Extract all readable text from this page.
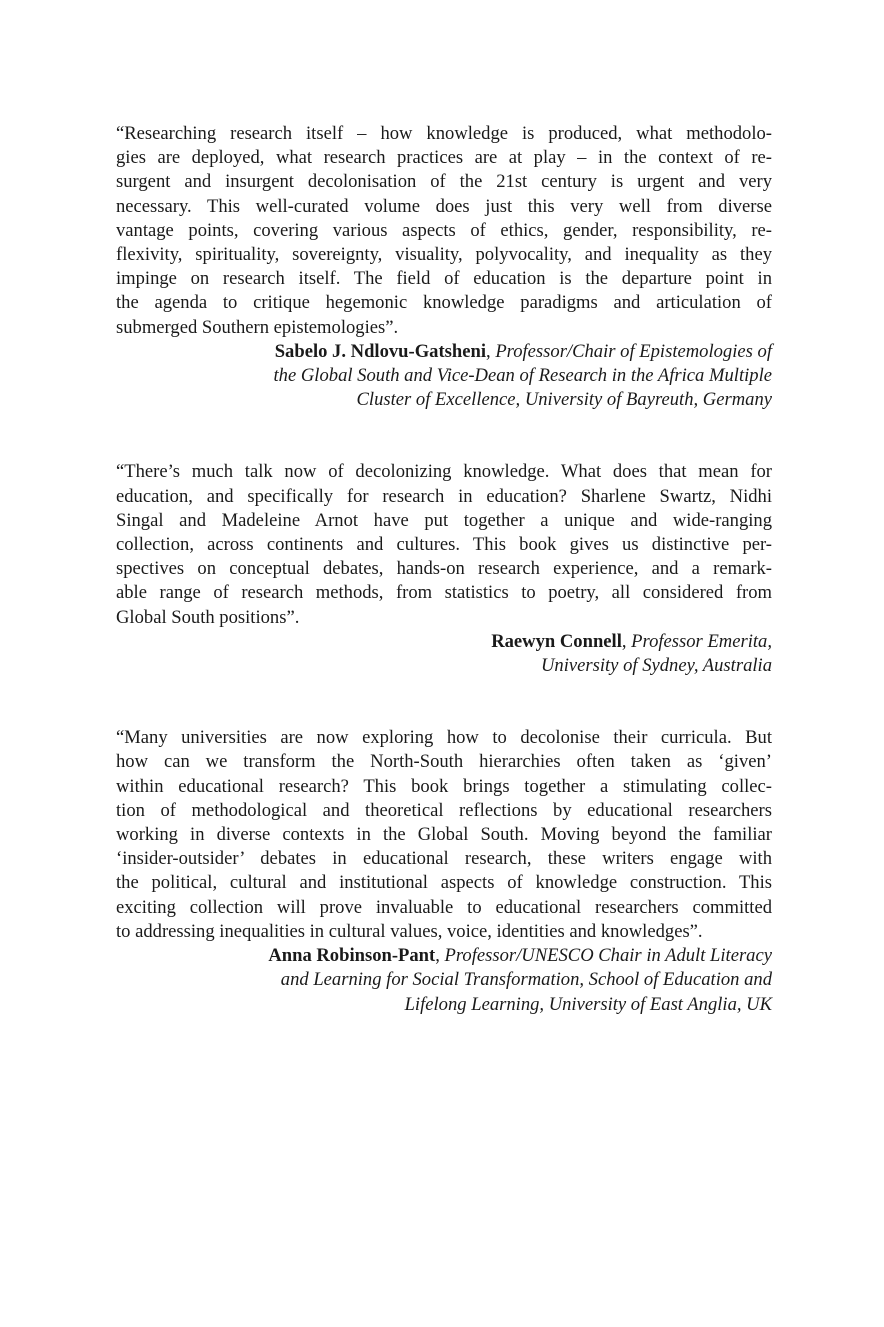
“Researching research itself – how knowledge is produced, what methodolo-
gies are deployed, what research practices are at play – in the context of re-
surgent and insurgent decolonisation of the 21st century is urgent and very
necessary. This well-curated volume does just this very well from diverse
vantage points, covering various aspects of ethics, gender, responsibility, re-
flexivity, spirituality, sovereignty, visuality, polyvocality, and inequality as they
impinge on research itself. The field of education is the departure point in
the agenda to critique hegemonic knowledge paradigms and articulation of
submerged Southern epistemologies”.

Sabelo J. Ndlovu-Gatsheni, Professor/Chair of Epistemologies of
the Global South and Vice-Dean of Research in the Africa Multiple
Cluster of Excellence, University of Bayreuth, Germany

“There’s much talk now of decolonizing knowledge. What does that mean for
education, and specifically for research in education? Sharlene Swartz, Nidhi
Singal and Madeleine Arnot have put together a unique and wide-ranging
collection, across continents and cultures. This book gives us distinctive per-
spectives on conceptual debates, hands-on research experience, and a remark-
able range of research methods, from statistics to poetry, all considered from
Global South positions”.

Raewyn Connell, Professor Emerita,
University of Sydney, Australia

“Many universities are now exploring how to decolonise their curricula. But
how can we transform the North-South hierarchies often taken as ‘given’
within educational research? This book brings together a stimulating collec-
tion of methodological and theoretical reflections by educational researchers
working in diverse contexts in the Global South. Moving beyond the familiar
‘insider-outsider’ debates in educational research, these writers engage with
the political, cultural and institutional aspects of knowledge construction. This
exciting collection will prove invaluable to educational researchers committed
to addressing inequalities in cultural values, voice, identities and knowledges”.

Anna Robinson-Pant, Professor/UNESCO Chair in Adult Literacy
and Learning for Social Transformation, School of Education and
Lifelong Learning, University of East Anglia, UK
